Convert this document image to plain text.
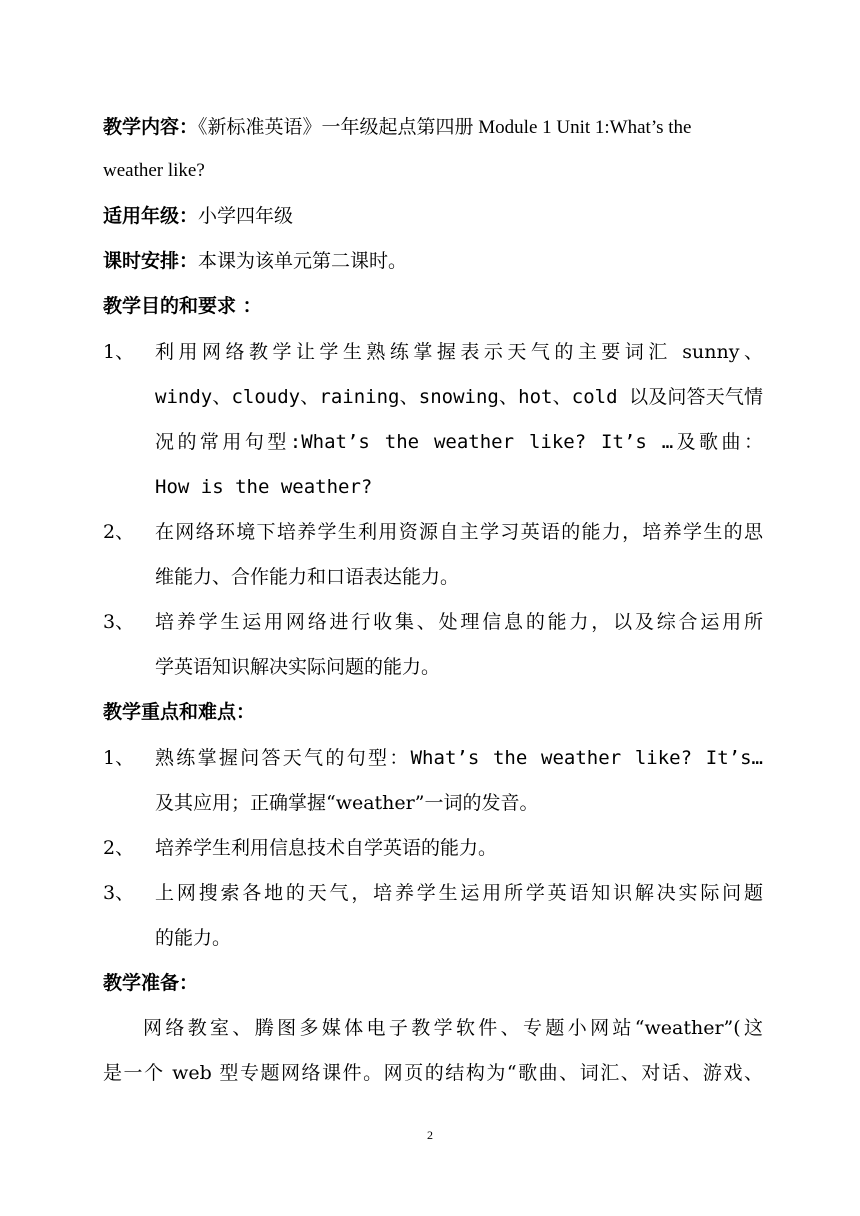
教学内容：《新标准英语》一年级起点第四册 Module 1 Unit 1:What’s the
weather like?
适用年级：小学四年级
课时安排：本课为该单元第二课时。
教学目的和要求 ：
1、	利用网络教学让学生熟练掌握表示天气的主要词汇 sunny、
windy、cloudy、raining、snowing、hot、cold 以及问答天气情
况的常用句型:What’s the weather like? It’s …及歌曲：
How is the weather?
2、	在网络环境下培养学生利用资源自主学习英语的能力，培养学生的思
维能力、合作能力和口语表达能力。
3、	培养学生运用网络进行收集、处理信息的能力，以及综合运用所
学英语知识解决实际问题的能力。
教学重点和难点：
1、	熟练掌握问答天气的句型：What’s the weather like? It’s…
及其应用；正确掌握“weather”一词的发音。
2、	培养学生利用信息技术自学英语的能力。
3、	上网搜索各地的天气，培养学生运用所学英语知识解决实际问题
的能力。
教学准备：
网络教室、腾图多媒体电子教学软件、专题小网站“weather”(这
是一个 web 型专题网络课件。网页的结构为“歌曲、词汇、对话、游戏、
2
